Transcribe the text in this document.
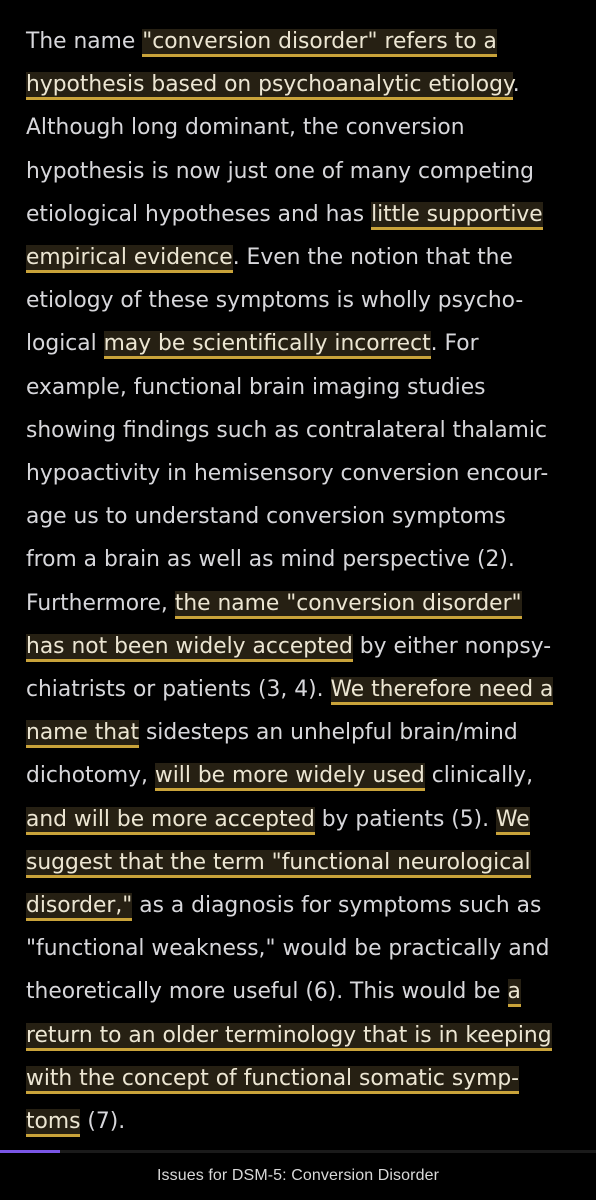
The name "conversion disorder" refers to a
hypothesis based on psychoanalytic etiology.
Although long dominant, the conversion
hypothesis is now just one of many competing
etiological hypotheses and has little supportive
empirical evidence. Even the notion that the
etiology of these symptoms is wholly psycho-
logical may be scientifically incorrect. For
example, functional brain imaging studies
showing findings such as contralateral thalamic
hypoactivity in hemisensory conversion encour-
age us to understand conversion symptoms
from a brain as well as mind perspective (2).
Furthermore, the name "conversion disorder"
has not been widely accepted by either nonpsy-
chiatrists or patients (3, 4). We therefore need a
name that sidesteps an unhelpful brain/mind
dichotomy, will be more widely used clinically,
and will be more accepted by patients (5). We
suggest that the term "functional neurological
disorder," as a diagnosis for symptoms such as
"functional weakness," would be practically and
theoretically more useful (6). This would be a
return to an older terminology that is in keeping
with the concept of functional somatic symp-
toms (7).
Issues for DSM-5: Conversion Disorder
